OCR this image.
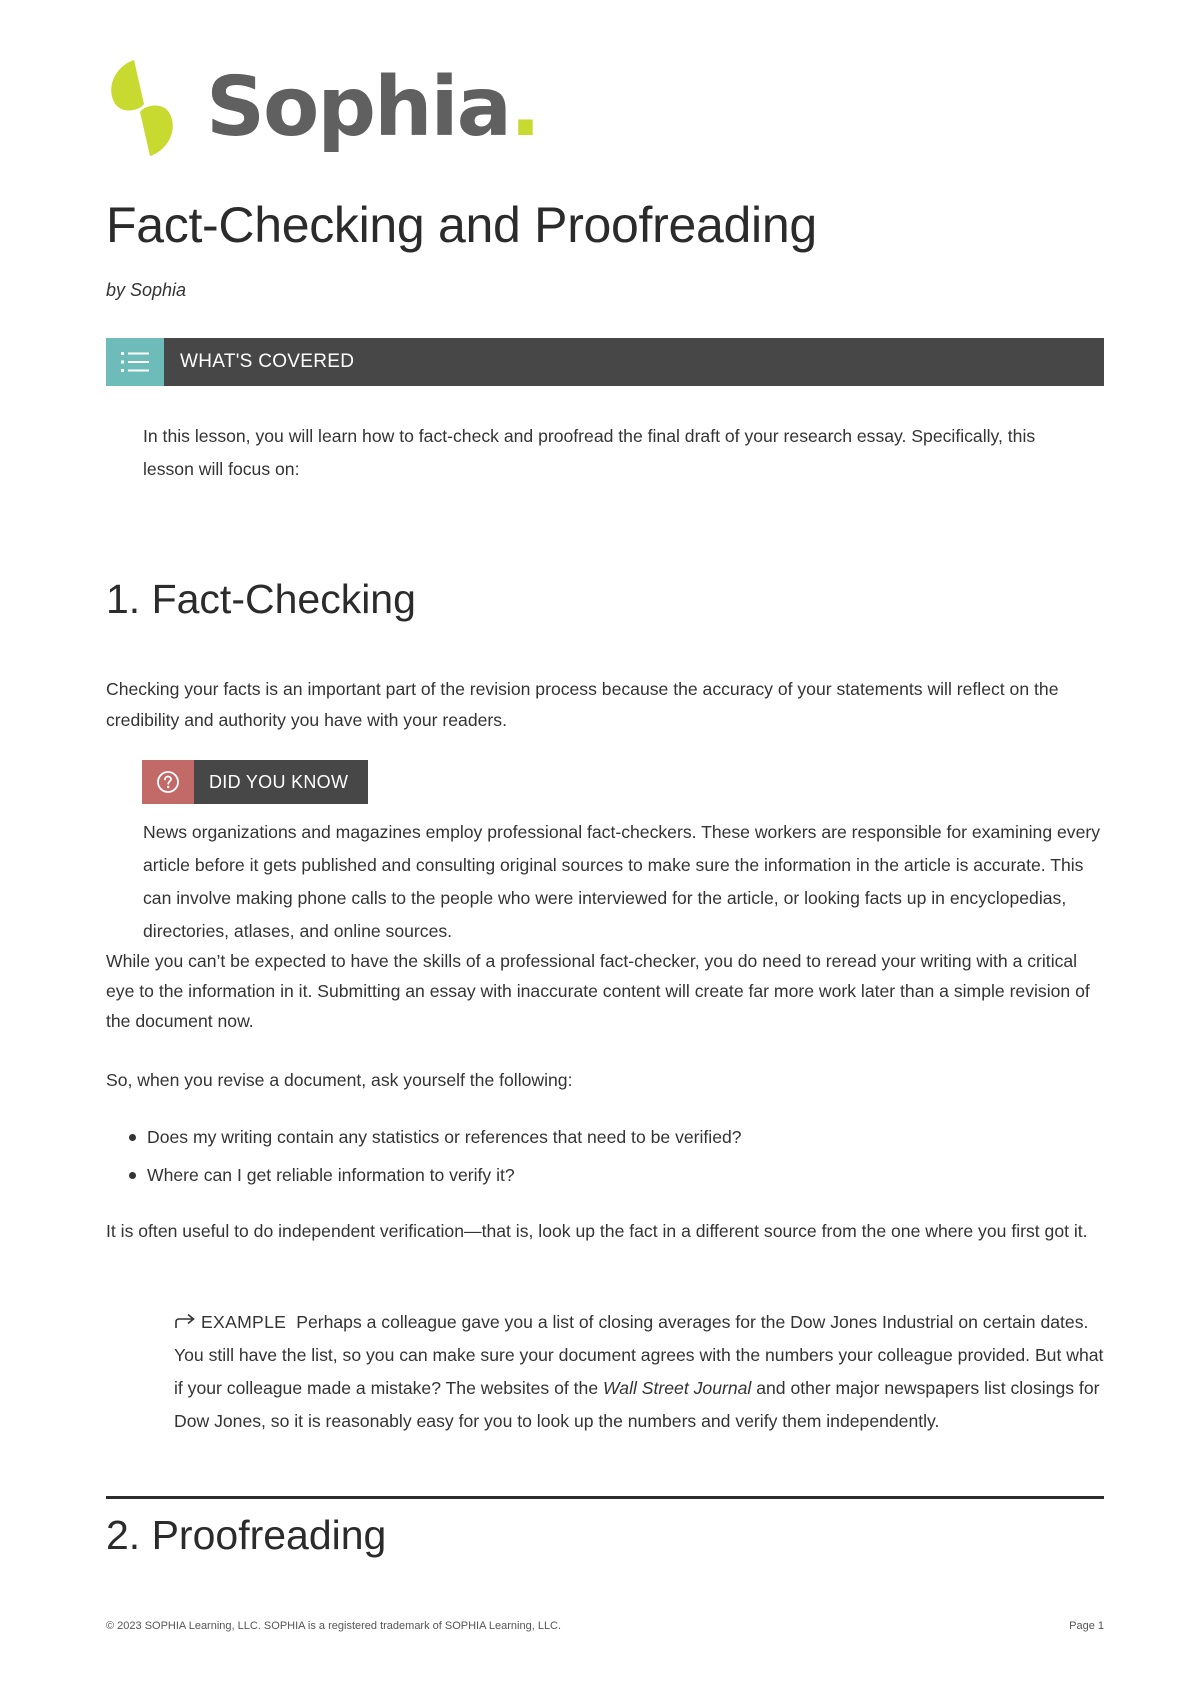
Sophia.
Fact-Checking and Proofreading
by Sophia
WHAT'S COVERED
In this lesson, you will learn how to fact-check and proofread the final draft of your research essay. Specifically, this lesson will focus on:
1. Fact-Checking
Checking your facts is an important part of the revision process because the accuracy of your statements will reflect on the credibility and authority you have with your readers.
DID YOU KNOW
News organizations and magazines employ professional fact-checkers. These workers are responsible for examining every article before it gets published and consulting original sources to make sure the information in the article is accurate. This can involve making phone calls to the people who were interviewed for the article, or looking facts up in encyclopedias, directories, atlases, and online sources.
While you can’t be expected to have the skills of a professional fact-checker, you do need to reread your writing with a critical eye to the information in it. Submitting an essay with inaccurate content will create far more work later than a simple revision of the document now.
So, when you revise a document, ask yourself the following:
Does my writing contain any statistics or references that need to be verified?
Where can I get reliable information to verify it?
It is often useful to do independent verification—that is, look up the fact in a different source from the one where you first got it.
EXAMPLE Perhaps a colleague gave you a list of closing averages for the Dow Jones Industrial on certain dates. You still have the list, so you can make sure your document agrees with the numbers your colleague provided. But what if your colleague made a mistake? The websites of the Wall Street Journal and other major newspapers list closings for Dow Jones, so it is reasonably easy for you to look up the numbers and verify them independently.
2. Proofreading
© 2023 SOPHIA Learning, LLC. SOPHIA is a registered trademark of SOPHIA Learning, LLC.	Page 1
